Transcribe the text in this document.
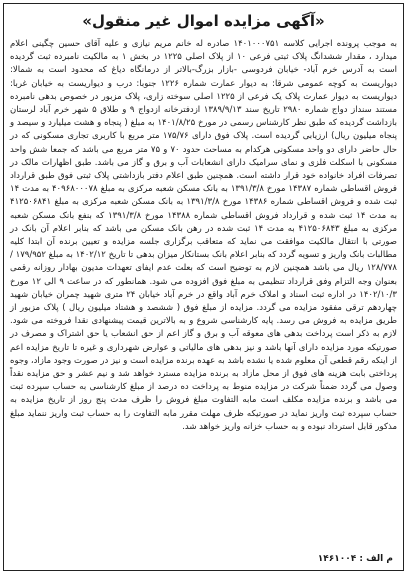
«آگهی مزایده اموال غیر منقول»
به موجب پرونده اجرایی کلاسه ۱۴۰۱۰۰۰۷۵۱ صادره له خانم مریم نیازی و علیه آقای حسین چگینی اعلام میدارد ، مقدار ششدانگ پلاک ثبتی فرعی ۱۰ از پلاک اصلی ۱۲۲۵ در بخش ۱ به مالکیت نامبرده ثبت گردیده است به آدرس خرم آباد- خیابان فردوسی -بازار بزرگ-بالاتر از درمانگاه دیاغ که محدود است به شمالا: دیواریست به کوچه عمومی شرقا: به دیوار عمارت شماره ۱۲۲۶ جنوبا: درب و دیواریست به خیابان غربا: دیواریست به دیوار عمارت پلاک یک فرعی از ۱۲۲۵ اصلی سوخته زاری، پلاک مزبور در خصوص بدهی نامبرده مستند سنداز دواج شماره ۲۹۸۰ تاریخ سند ۱۳۸۹/۹/۱۳ ازدفترخانه ازدواج ۹ و طلاق ۵ شهر خرم آباد لرستان بازداشت گردیده که طبق نظر کارشناس رسمی در مورخ ۱۴۰۱/۸/۲۵ به مبلغ ( پنجاه و هشت میلیارد و سیصد و پنجاه میلیون ریال) ارزیابی گردیده است. پلاک فوق دارای ۱۷۵/۷۶ متر مربع با کاربری تجاری مسکونی که در حال حاضر دارای دو واحد مسکونی هرکدام به مساحت حدود ۷۰ و ۷۵ متر مربع می باشد که جمعا شش واحد مسکونی با اسکلت فلزی و نمای سرامیک دارای انشعابات آب و برق و گاز می باشد. طبق اظهارات مالک در تصرفات افراد خانواده خود قرار داشته است. همچنین طبق اعلام دفتر بازداشتی پلاک ثبتی فوق طبق قرارداد فروش اقساطی شماره ۱۴۳۸۷ مورخ ۱۳۹۱/۳/۸ به بانک مسکن شعبه مرکزی به مبلغ ۴۰۹۶۸۰۰۰۷۸ به مدت ۱۴ ثبت شده و فروش اقساطی شماره ۱۴۳۸۶ مورخ ۱۳۹۱/۳/۸ به بانک مسکن شعبه مرکزی به مبلغ ۴۱۲۵۰۶۸۴۱ به مدت ۱۴ ثبت شده و قرارداد فروش اقساطی شماره ۱۴۳۸۸ مورخ ۱۳۹۱/۳/۸ که بنفع بانک مسکن شعبه مرکزی به مبلغ ۴۱۲۵۰۶۸۴۳ به مدت ۱۴ ثبت شده در رهن بانک مسکن می باشد که بنابر اعلام آن بانک در صورتی با انتقال مالکیت موافقت می نماید که متعاقب برگزاری جلسه مزایده و تعیین برنده آن ابتدا کلیه مطالبات بانک واریز و تسویه گردد که بنابر اعلام بانک بستانکار میزان بدهی تا تاریخ ۱۴۰۲/۱۲ به مبلغ ۱۷۹/۹۵۲ / ۱۲۸/۷۷۸ ریال می باشد همچنین لازم به توضیح است که بعلت عدم ایفای تعهدات مدیون بهادار روزانه رقمی بعنوان وجه التزام وفق قرارداد تنظیمی به مبلغ فوق افزوده می شود. همانطور که در ساعت ۹ الی ۱۲ مورخ ۱۴۰۲/۱۰/۳ در اداره ثبت اسناد و املاک خرم آباد واقع در خرم آباد خیابان ۲۴ متری شهید چمران خیابان شهید چهاردهم ترقی مفقود مزایده می گردد. مزایده از مبلغ فوق ( ششصد و هشتاد میلیون ریال ) پلاک مزبور از طریق مزایده به فروش می رسد. پایه کارشناسی شروع و به بالاترین قیمت پیشنهادی نقدا فروخته می شود. لازم به ذکر است پرداخت بدهی های معوقه آب و برق و گاز اعم از حق انشعاب یا حق اشتراک و مصرف در صورتیکه مورد مزایده دارای آنها باشد و نیز بدهی های مالیاتی و عوارض شهرداری و غیره تا تاریخ مزایده اعم از اینکه رقم قطعی آن معلوم شده یا نشده باشد به عهده برنده مزایده است و نیز در صورت وجود مازاد، وجوه پرداختی بابت هزینه های فوق از محل مازاد به برنده مزایده مسترد خواهد شد و نیم عشر و حق مزایده نقداً وصول می گردد ضمناً شرکت در مزایده منوط به پرداخت ده درصد از مبلغ کارشناسی به حساب سپرده ثبت می باشد و برنده مزایده مکلف است مابه التفاوت مبلغ فروش را ظرف مدت پنج روز از تاریخ مزایده به حساب سپرده ثبت واریز نماید در صورتیکه ظرف مهلت مقرر مابه التفاوت را به حساب ثبت واریز ننماید مبلغ مذکور قابل استرداد نبوده و به حساب خزانه واریز خواهد شد.
م الف : ۱۴۶۱۰۰۴
